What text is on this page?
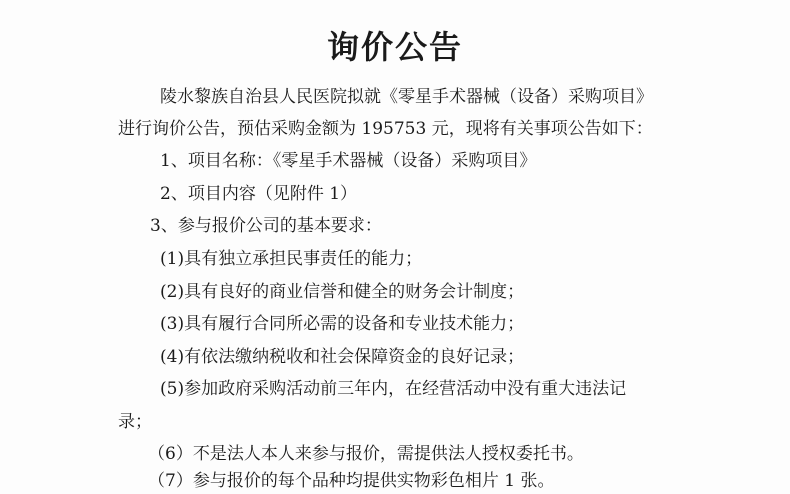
询价公告
陵水黎族自治县人民医院拟就《零星手术器械（设备）采购项目》
进行询价公告，预估采购金额为 195753 元，现将有关事项公告如下：
1、项目名称：《零星手术器械（设备）采购项目》
2、项目内容（见附件 1）
3、参与报价公司的基本要求：
(1)具有独立承担民事责任的能力；
(2)具有良好的商业信誉和健全的财务会计制度；
(3)具有履行合同所必需的设备和专业技术能力；
(4)有依法缴纳税收和社会保障资金的良好记录；
(5)参加政府采购活动前三年内，在经营活动中没有重大违法记
录；
（6）不是法人本人来参与报价，需提供法人授权委托书。
（7）参与报价的每个品种均提供实物彩色相片 1 张。
